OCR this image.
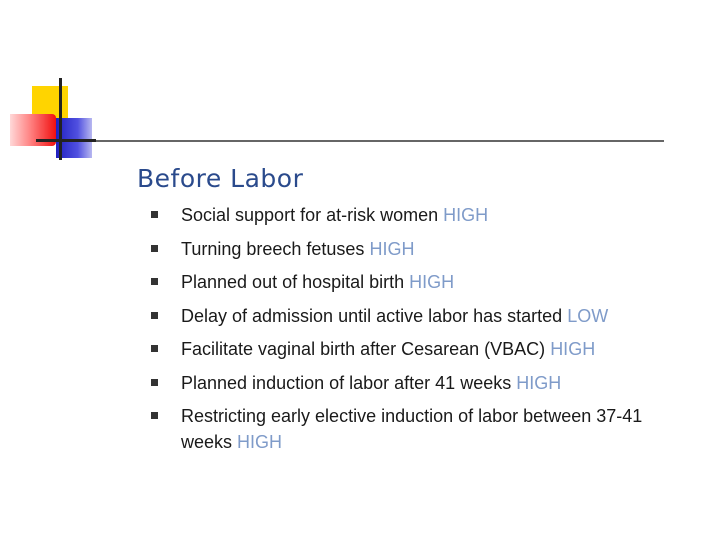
Before Labor
Social support for at-risk women HIGH
Turning breech fetuses HIGH
Planned out of hospital birth HIGH
Delay of admission until active labor has started LOW
Facilitate vaginal birth after Cesarean (VBAC) HIGH
Planned induction of labor after 41 weeks HIGH
Restricting early elective induction of labor between 37-41 weeks HIGH
